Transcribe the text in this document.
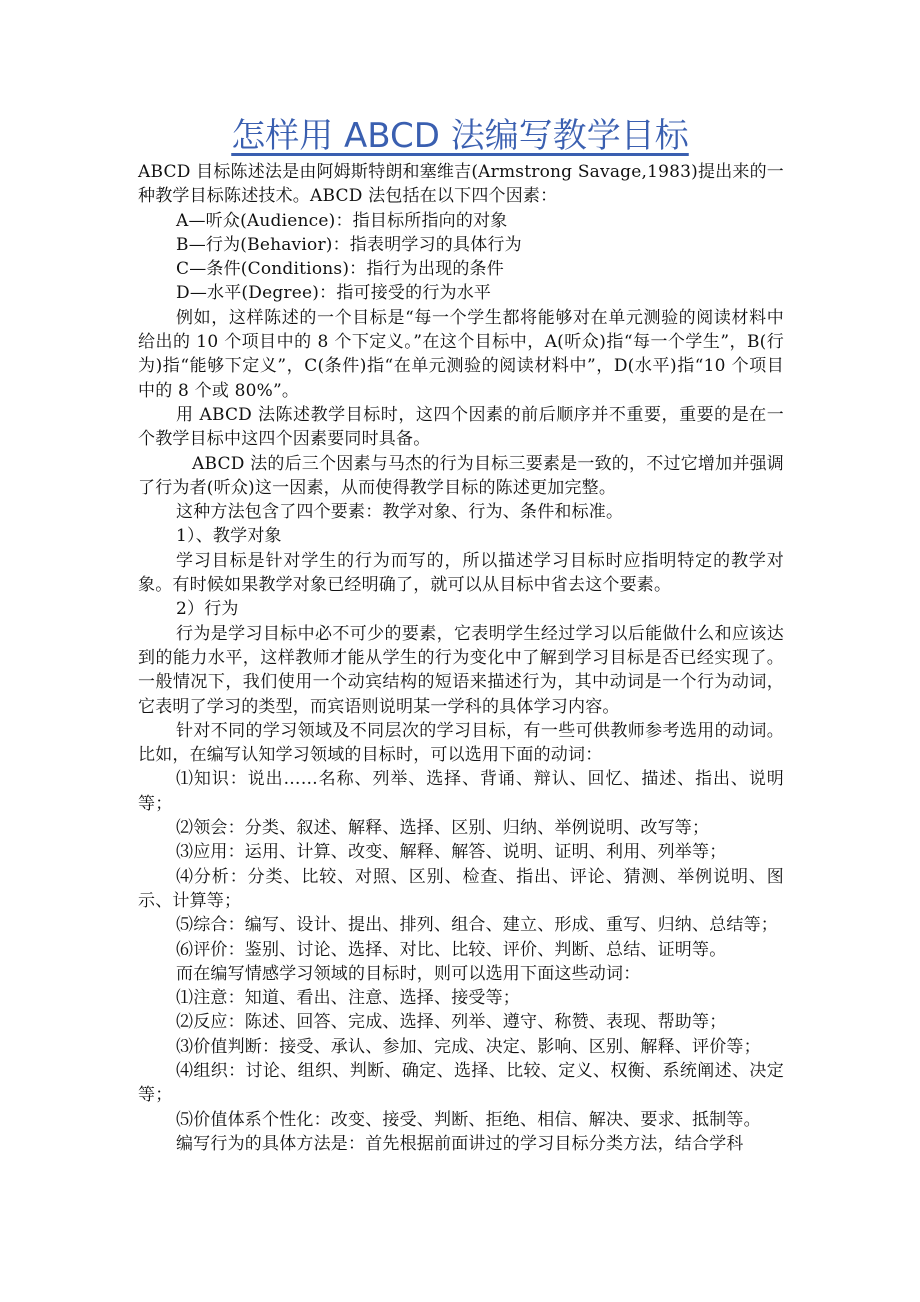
怎样用 ABCD 法编写教学目标

ABCD 目标陈述法是由阿姆斯特朗和塞维吉(Armstrong Savage,1983)提出来的一种教学目标陈述技术。ABCD 法包括在以下四个因素：

A—听众(Audience)：指目标所指向的对象

B—行为(Behavior)：指表明学习的具体行为

C—条件(Conditions)：指行为出现的条件

D—水平(Degree)：指可接受的行为水平

例如，这样陈述的一个目标是“每一个学生都将能够对在单元测验的阅读材料中给出的 10 个项目中的 8 个下定义。”在这个目标中，A(听众)指“每一个学生”，B(行为)指“能够下定义”，C(条件)指“在单元测验的阅读材料中”，D(水平)指“10 个项目中的 8 个或 80%”。

用 ABCD 法陈述教学目标时，这四个因素的前后顺序并不重要，重要的是在一个教学目标中这四个因素要同时具备。

ABCD 法的后三个因素与马杰的行为目标三要素是一致的，不过它增加并强调了行为者(听众)这一因素，从而使得教学目标的陈述更加完整。

这种方法包含了四个要素：教学对象、行为、条件和标准。

1）、教学对象

学习目标是针对学生的行为而写的，所以描述学习目标时应指明特定的教学对象。有时候如果教学对象已经明确了，就可以从目标中省去这个要素。

2）行为

行为是学习目标中必不可少的要素，它表明学生经过学习以后能做什么和应该达到的能力水平，这样教师才能从学生的行为变化中了解到学习目标是否已经实现了。一般情况下，我们使用一个动宾结构的短语来描述行为，其中动词是一个行为动词，它表明了学习的类型，而宾语则说明某一学科的具体学习内容。

针对不同的学习领域及不同层次的学习目标，有一些可供教师参考选用的动词。比如，在编写认知学习领域的目标时，可以选用下面的动词：

⑴知识：说出……名称、列举、选择、背诵、辩认、回忆、描述、指出、说明等；

⑵领会：分类、叙述、解释、选择、区别、归纳、举例说明、改写等；

⑶应用：运用、计算、改变、解释、解答、说明、证明、利用、列举等；

⑷分析：分类、比较、对照、区别、检查、指出、评论、猜测、举例说明、图示、计算等；

⑸综合：编写、设计、提出、排列、组合、建立、形成、重写、归纳、总结等；

⑹评价：鉴别、讨论、选择、对比、比较、评价、判断、总结、证明等。

而在编写情感学习领域的目标时，则可以选用下面这些动词：

⑴注意：知道、看出、注意、选择、接受等；

⑵反应：陈述、回答、完成、选择、列举、遵守、称赞、表现、帮助等；

⑶价值判断：接受、承认、参加、完成、决定、影响、区别、解释、评价等；

⑷组织：讨论、组织、判断、确定、选择、比较、定义、权衡、系统阐述、决定等；

⑸价值体系个性化：改变、接受、判断、拒绝、相信、解决、要求、抵制等。

编写行为的具体方法是：首先根据前面讲过的学习目标分类方法，结合学科
